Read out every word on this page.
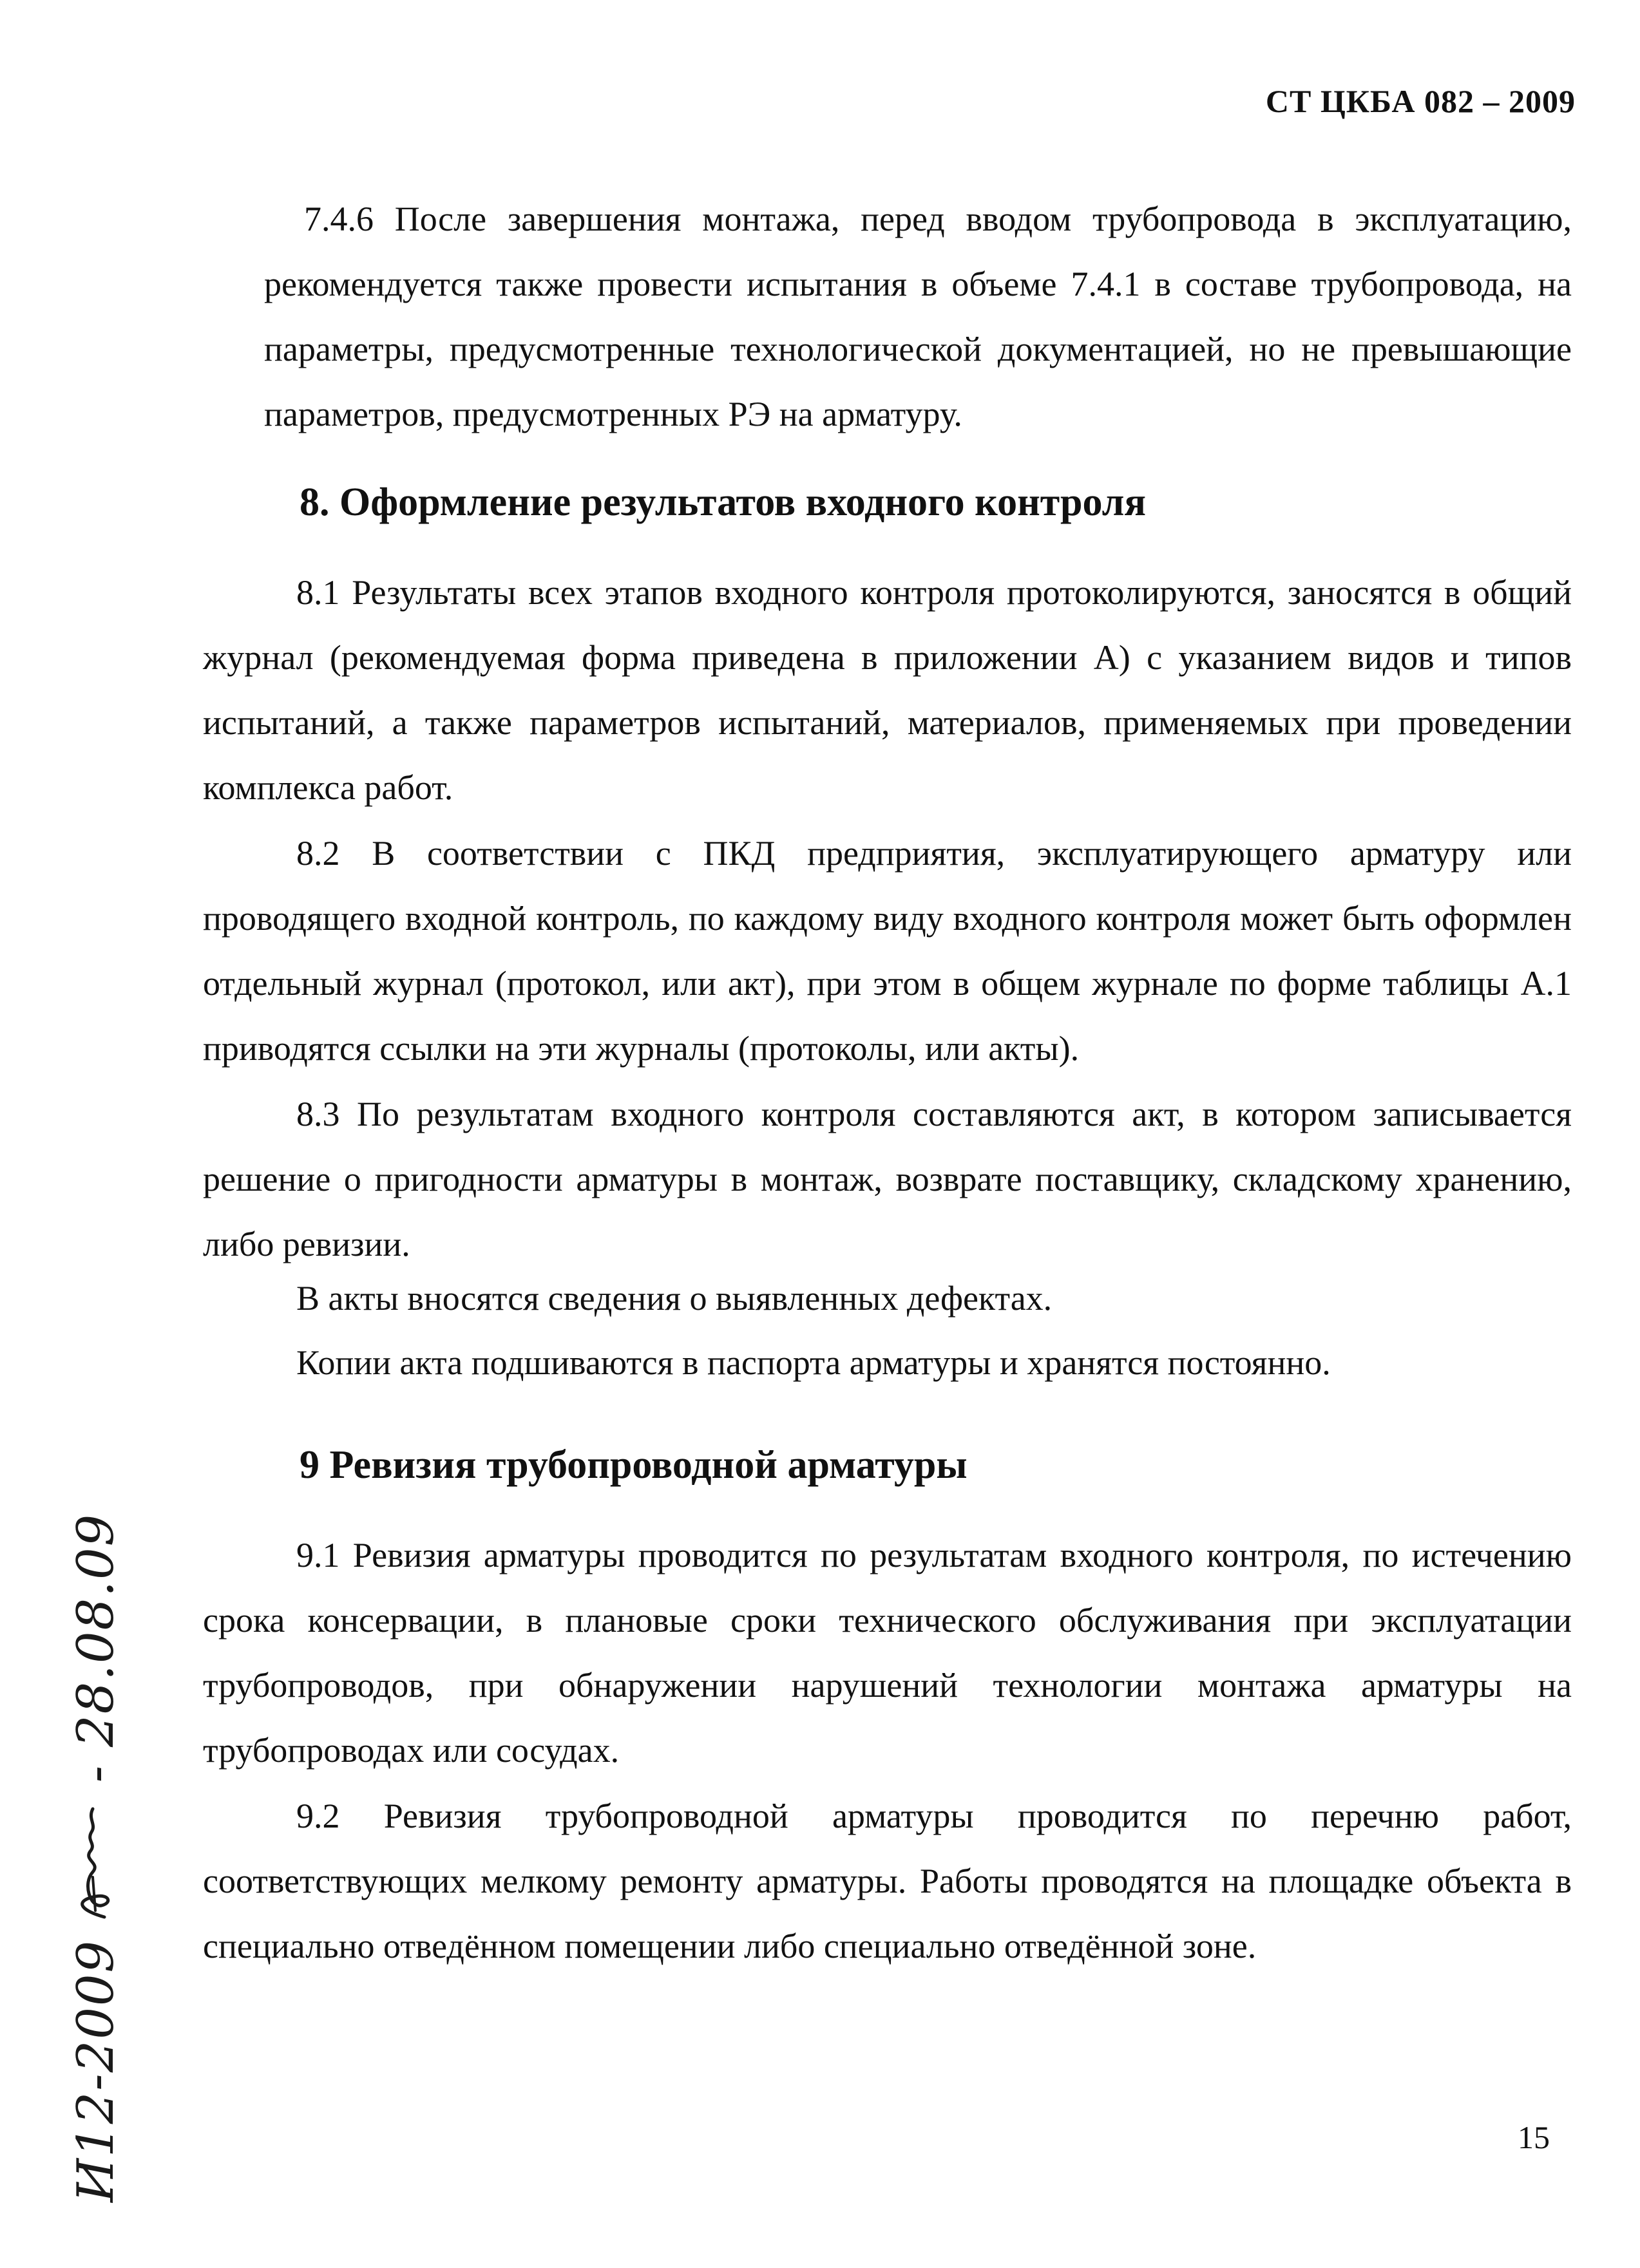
СТ ЦКБА 082 – 2009

7.4.6 После завершения монтажа, перед вводом трубопровода в эксплуатацию, рекомендуется также провести испытания в объеме 7.4.1 в составе трубопровода, на параметры, предусмотренные технологической документацией, но не превышающие параметров, предусмотренных РЭ на арматуру.

8. Оформление результатов входного контроля

8.1 Результаты всех этапов входного контроля протоколируются, заносятся в общий журнал (рекомендуемая форма приведена в приложении А) с указанием видов и типов испытаний, а также параметров испытаний, материалов, применяемых при проведении комплекса работ.

8.2 В соответствии с ПКД предприятия, эксплуатирующего арматуру или проводящего входной контроль, по каждому виду входного контроля может быть оформлен отдельный журнал (протокол, или акт), при этом в общем журнале по форме таблицы А.1 приводятся ссылки на эти журналы (протоколы, или акты).

8.3 По результатам входного контроля составляются акт, в котором записывается решение о пригодности арматуры в монтаж, возврате поставщику, складскому хранению, либо ревизии.

В акты вносятся сведения о выявленных дефектах.

Копии акта подшиваются в паспорта арматуры и хранятся постоянно.

9 Ревизия трубопроводной арматуры

9.1 Ревизия арматуры проводится по результатам входного контроля, по истечению срока консервации, в плановые сроки технического обслуживания при эксплуатации трубопроводов, при обнаружении нарушений технологии монтажа арматуры на трубопроводах или сосудах.

9.2 Ревизия трубопроводной арматуры проводится по перечню работ, соответствующих мелкому ремонту арматуры. Работы проводятся на площадке объекта в специально отведённом помещении либо специально отведённой зоне.

15
И12-2009  - 28.08.09
